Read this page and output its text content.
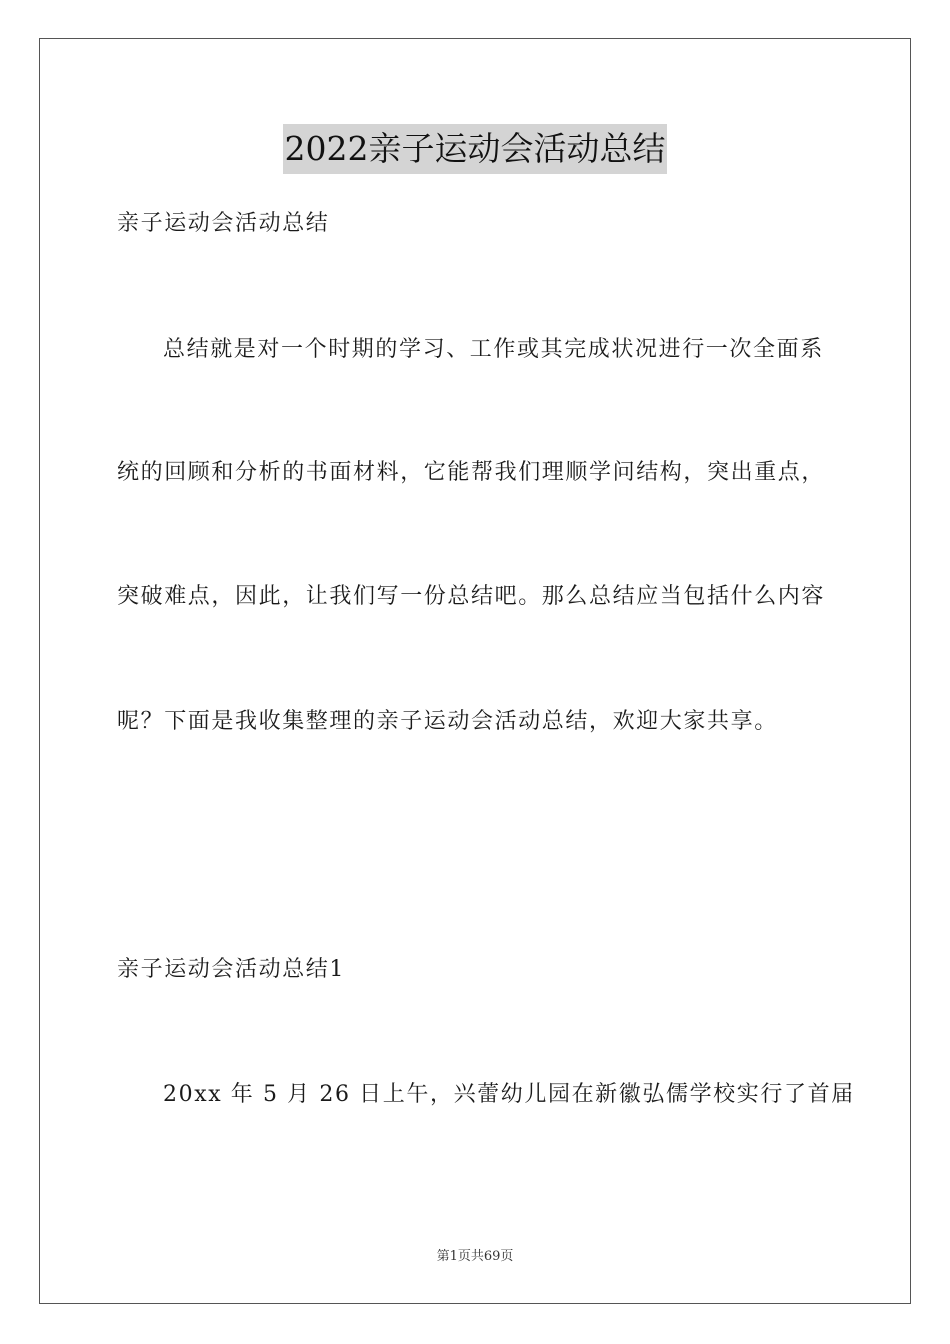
2022亲子运动会活动总结
亲子运动会活动总结
总结就是对一个时期的学习、工作或其完成状况进行一次全面系
统的回顾和分析的书面材料，它能帮我们理顺学问结构，突出重点，
突破难点，因此，让我们写一份总结吧。那么总结应当包括什么内容
呢？下面是我收集整理的亲子运动会活动总结，欢迎大家共享。
亲子运动会活动总结1
20xx 年 5 月 26 日上午，兴蕾幼儿园在新徽弘儒学校实行了首届
第1页共69页
